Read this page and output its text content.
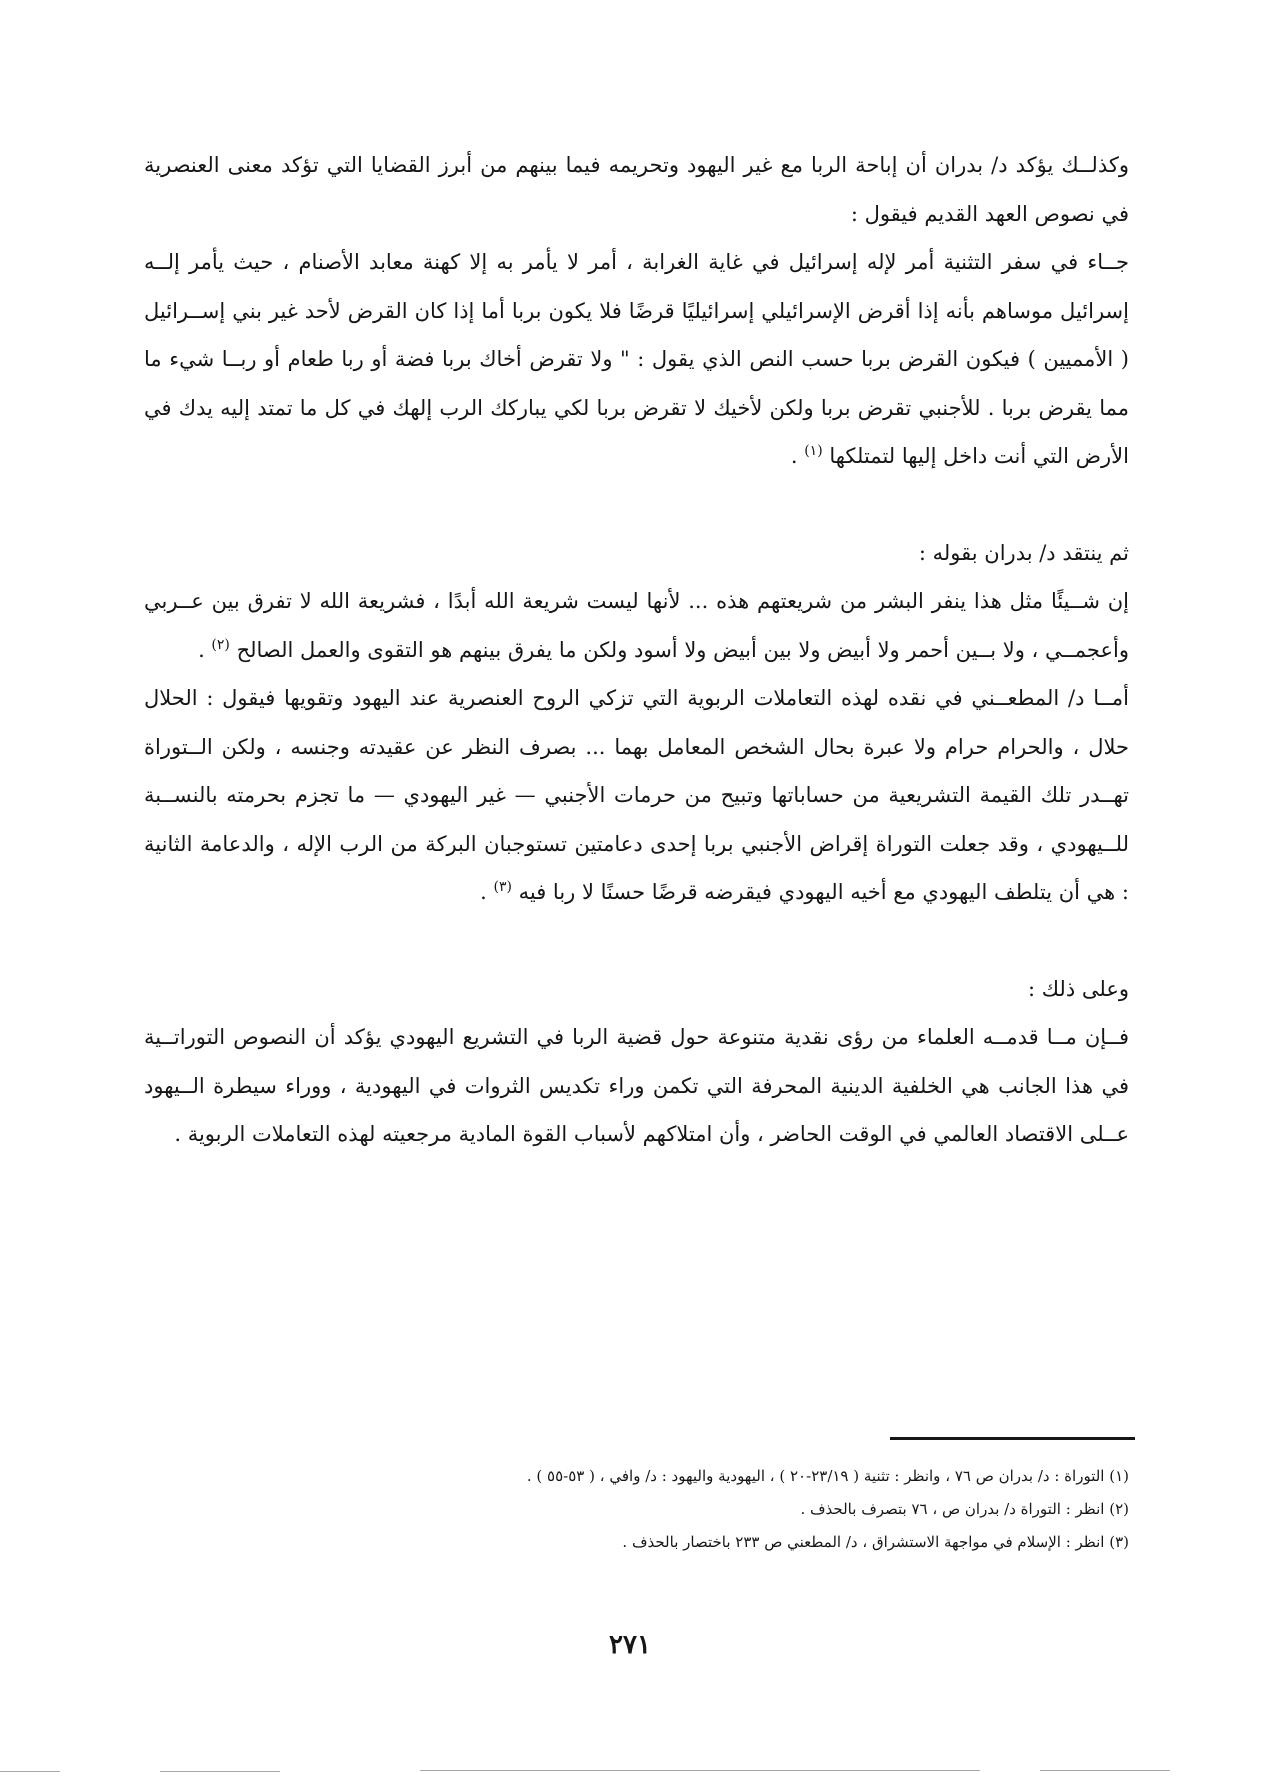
وكذلــك يؤكد د/ بدران أن إباحة الربا مع غير اليهود وتحريمه فيما بينهم من أبرز القضايا التي تؤكد معنى العنصرية في نصوص العهد القديم فيقول :

جــاء في سفر التثنية أمر لإله إسرائيل في غاية الغرابة ، أمر لا يأمر به إلا كهنة معابد الأصنام ، حيث يأمر إلــه إسرائيل موساهم بأنه إذا أقرض الإسرائيلي إسرائيليًا قرضًا فلا يكون بربا أما إذا كان القرض لأحد غير بني إســرائيل ( الأمميين ) فيكون القرض بربا حسب النص الذي يقول : " ولا تقرض أخاك بربا فضة أو ربا طعام أو ربــا شيء ما مما يقرض بربا . للأجنبي تقرض بربا ولكن لأخيك لا تقرض بربا لكي يباركك الرب إلهك في كل ما تمتد إليه يدك في الأرض التي أنت داخل إليها لتمتلكها $^{(١)}$ .

ثم ينتقد د/ بدران بقوله :

إن شــيئًا مثل هذا ينفر البشر من شريعتهم هذه ... لأنها ليست شريعة الله أبدًا ، فشريعة الله لا تفرق بين عــربي وأعجمــي ، ولا بــين أحمر ولا أبيض ولا بين أبيض ولا أسود ولكن ما يفرق بينهم هو التقوى والعمل الصالح $^{(٢)}$ .

أمــا د/ المطعــني في نقده لهذه التعاملات الربوية التي تزكي الروح العنصرية عند اليهود وتقويها فيقول : الحلال حلال ، والحرام حرام ولا عبرة بحال الشخص المعامل بهما ... بصرف النظر عن عقيدته وجنسه ، ولكن الــتوراة تهــدر تلك القيمة التشريعية من حساباتها وتبيح من حرمات الأجنبي — غير اليهودي — ما تجزم بحرمته بالنســبة للــيهودي ، وقد جعلت التوراة إقراض الأجنبي بربا إحدى دعامتين تستوجبان البركة من الرب الإله ، والدعامة الثانية : هي أن يتلطف اليهودي مع أخيه اليهودي فيقرضه قرضًا حسنًا لا ربا فيه $^{(٣)}$ .

وعلى ذلك :

فــإن مــا قدمــه العلماء من رؤى نقدية متنوعة حول قضية الربا في التشريع اليهودي يؤكد أن النصوص التوراتــية في هذا الجانب هي الخلفية الدينية المحرفة التي تكمن وراء تكديس الثروات في اليهودية ، ووراء سيطرة الــيهود عــلى الاقتصاد العالمي في الوقت الحاضر ، وأن امتلاكهم لأسباب القوة المادية مرجعيته لهذه التعاملات الربوية .

(١) التوراة : د/ بدران ص ٧٦ ، وانظر : تثنية ( ٢٣/١٩-٢٠ ) ، اليهودية واليهود : د/ وافي ، ( ٥٣-٥٥ ) .

(٢) انظر : التوراة د/ بدران ص ، ٧٦ بتصرف بالحذف .

(٣) انظر : الإسلام في مواجهة الاستشراق ، د/ المطعني ص ٢٣٣ باختصار بالحذف .

٢٧١
